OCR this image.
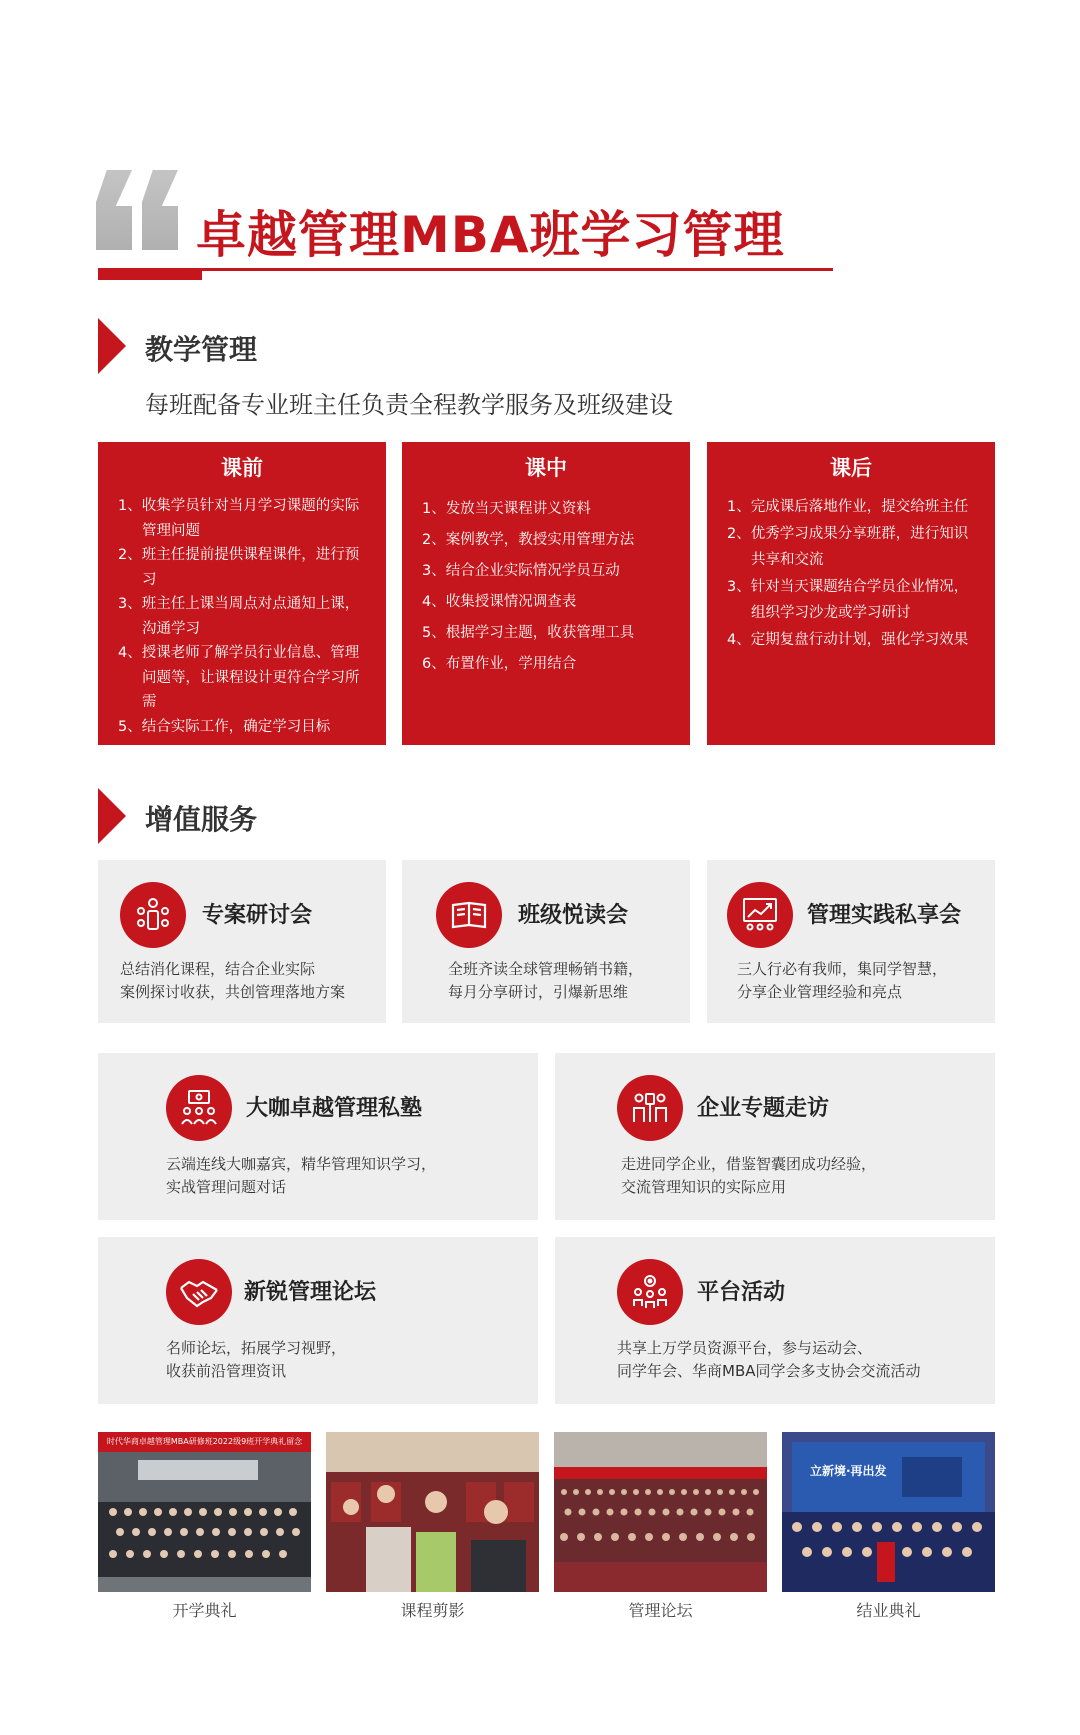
卓越管理MBA班学习管理
教学管理
每班配备专业班主任负责全程教学服务及班级建设
课前
1、收集学员针对当月学习课题的实际管理问题
2、班主任提前提供课程课件，进行预习
3、班主任上课当周点对点通知上课，沟通学习
4、授课老师了解学员行业信息、管理问题等，让课程设计更符合学习所需
5、结合实际工作，确定学习目标
课中
1、发放当天课程讲义资料
2、案例教学，教授实用管理方法
3、结合企业实际情况学员互动
4、收集授课情况调查表
5、根据学习主题，收获管理工具
6、布置作业，学用结合
课后
1、完成课后落地作业，提交给班主任
2、优秀学习成果分享班群，进行知识共享和交流
3、针对当天课题结合学员企业情况，组织学习沙龙或学习研讨
4、定期复盘行动计划，强化学习效果
增值服务
专案研讨会
总结消化课程，结合企业实际
案例探讨收获，共创管理落地方案
班级悦读会
全班齐读全球管理畅销书籍，
每月分享研讨，引爆新思维
管理实践私享会
三人行必有我师，集同学智慧，
分享企业管理经验和亮点
大咖卓越管理私塾
云端连线大咖嘉宾，精华管理知识学习，
实战管理问题对话
企业专题走访
走进同学企业，借鉴智囊团成功经验，
交流管理知识的实际应用
新锐管理论坛
名师论坛，拓展学习视野，
收获前沿管理资讯
平台活动
共享上万学员资源平台，参与运动会、
同学年会、华商MBA同学会多支协会交流活动
时代华商卓越管理MBA研修班2022级9班开学典礼留念
立新境·再出发
开学典礼	课程剪影	管理论坛	结业典礼
